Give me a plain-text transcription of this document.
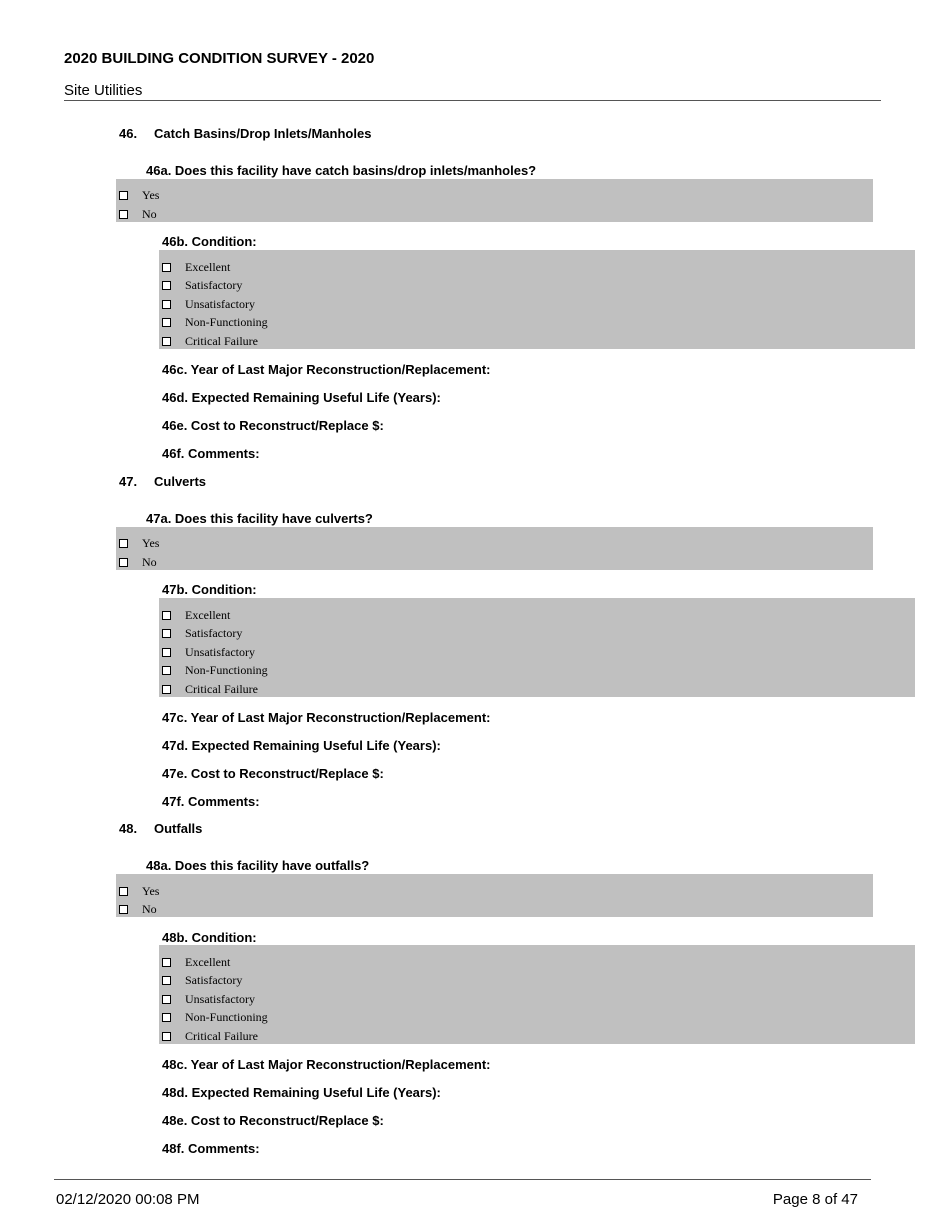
2020 BUILDING CONDITION SURVEY - 2020
Site Utilities
46.	Catch Basins/Drop Inlets/Manholes
46a. Does this facility have catch basins/drop inlets/manholes?
Yes
No
46b. Condition:
Excellent
Satisfactory
Unsatisfactory
Non-Functioning
Critical Failure
46c. Year of Last Major Reconstruction/Replacement:
46d. Expected Remaining Useful Life (Years):
46e. Cost to Reconstruct/Replace $:
46f. Comments:
47.	Culverts
47a. Does this facility have culverts?
Yes
No
47b. Condition:
Excellent
Satisfactory
Unsatisfactory
Non-Functioning
Critical Failure
47c. Year of Last Major Reconstruction/Replacement:
47d. Expected Remaining Useful Life (Years):
47e. Cost to Reconstruct/Replace $:
47f. Comments:
48.	Outfalls
48a. Does this facility have outfalls?
Yes
No
48b. Condition:
Excellent
Satisfactory
Unsatisfactory
Non-Functioning
Critical Failure
48c. Year of Last Major Reconstruction/Replacement:
48d. Expected Remaining Useful Life (Years):
48e. Cost to Reconstruct/Replace $:
48f. Comments:
02/12/2020 00:08 PM	Page 8 of 47
